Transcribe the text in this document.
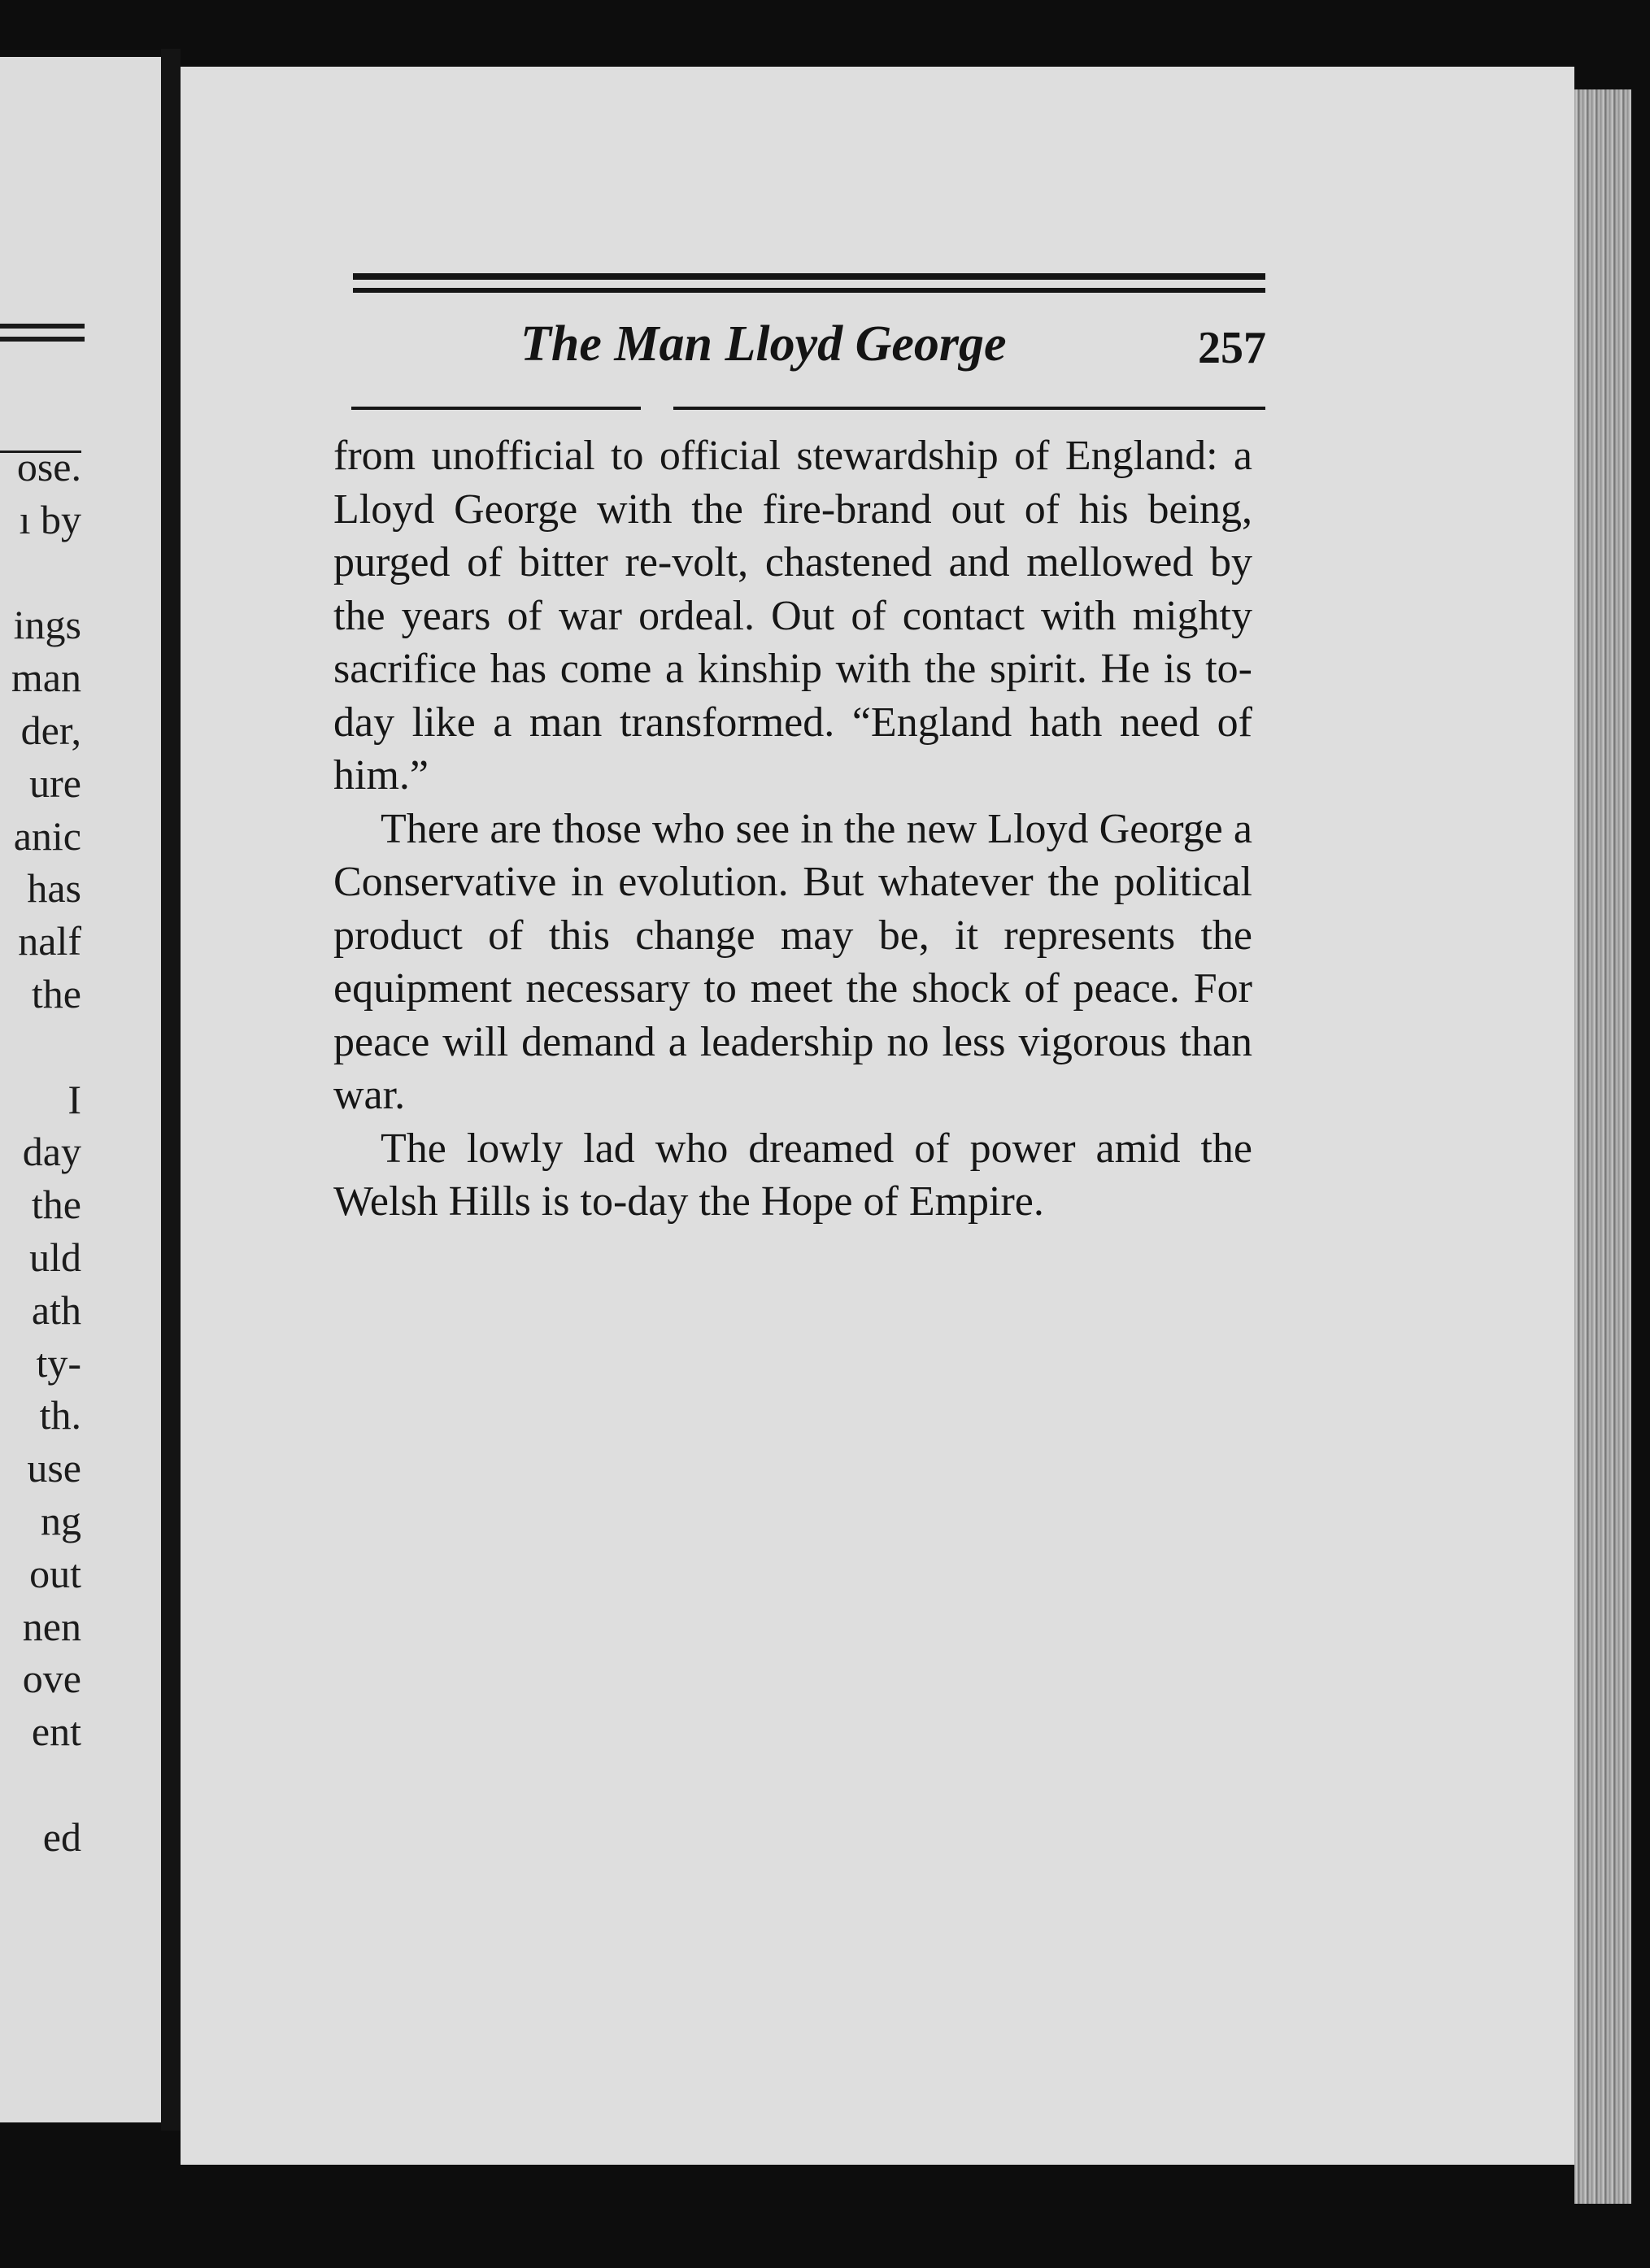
ose.
ı by
ings
man
der,
ure
anic
has
nalf
the
I
day
the
uld
ath
ty-
th.
use
ng
out
nen
ove
ent
ed
The Man Lloyd George	257

from unofficial to official stewardship of England: a Lloyd George with the fire-brand out of his being, purged of bitter re-volt, chastened and mellowed by the years of war ordeal. Out of contact with mighty sacrifice has come a kinship with the spirit. He is to-day like a man transformed. “England hath need of him.”

There are those who see in the new Lloyd George a Conservative in evolution. But whatever the political product of this change may be, it represents the equipment necessary to meet the shock of peace. For peace will demand a leadership no less vigorous than war.

The lowly lad who dreamed of power amid the Welsh Hills is to-day the Hope of Empire.
